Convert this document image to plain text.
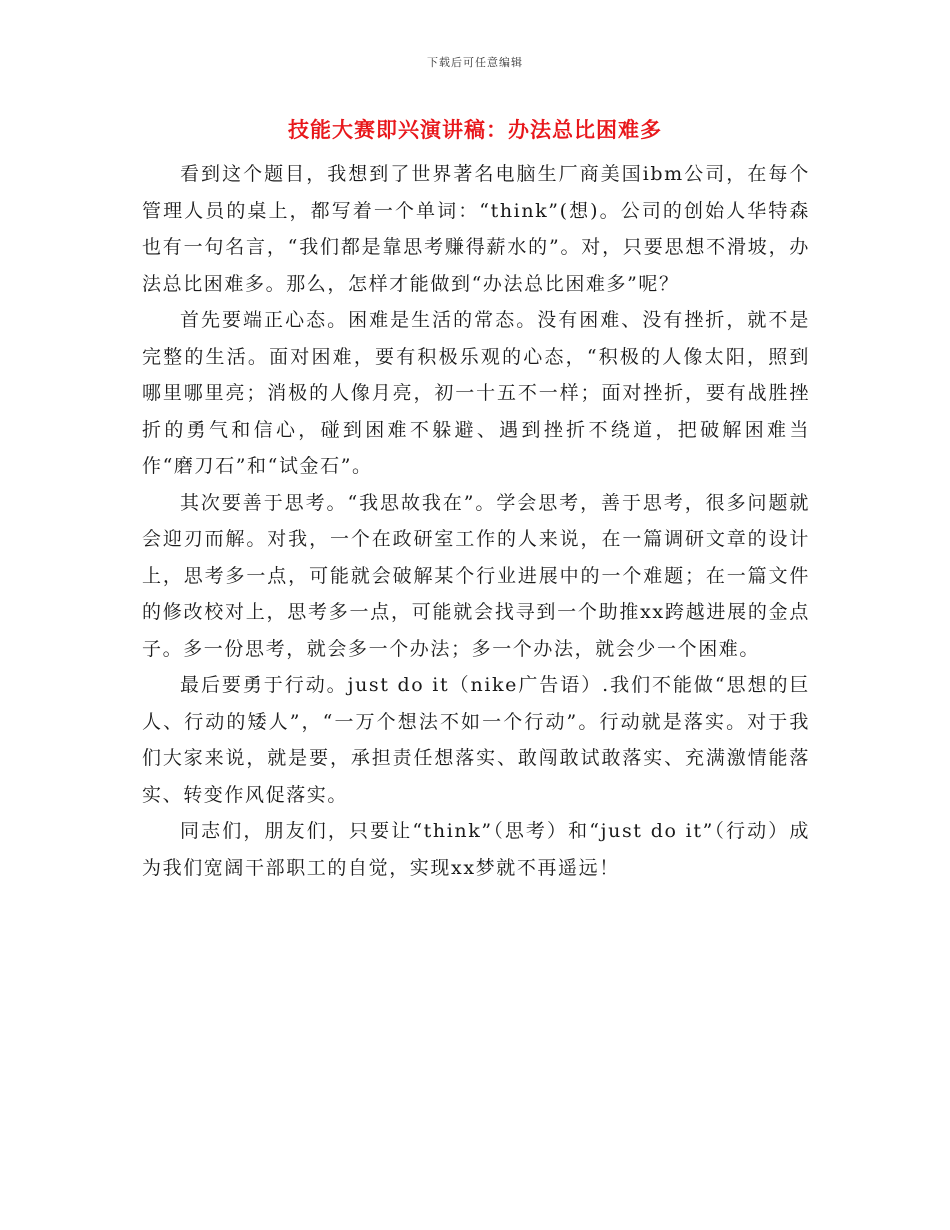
下载后可任意编辑
技能大赛即兴演讲稿：办法总比困难多

看到这个题目，我想到了世界著名电脑生厂商美国ibm公司，在每个管理人员的桌上，都写着一个单词：“think”(想)。公司的创始人华特森也有一句名言，“我们都是靠思考赚得薪水的”。对，只要思想不滑坡，办法总比困难多。那么，怎样才能做到“办法总比困难多”呢？

首先要端正心态。困难是生活的常态。没有困难、没有挫折，就不是完整的生活。面对困难，要有积极乐观的心态，“积极的人像太阳，照到哪里哪里亮；消极的人像月亮，初一十五不一样；面对挫折，要有战胜挫折的勇气和信心，碰到困难不躲避、遇到挫折不绕道，把破解困难当作“磨刀石”和“试金石”。

其次要善于思考。“我思故我在”。学会思考，善于思考，很多问题就会迎刃而解。对我，一个在政研室工作的人来说，在一篇调研文章的设计上，思考多一点，可能就会破解某个行业进展中的一个难题；在一篇文件的修改校对上，思考多一点，可能就会找寻到一个助推xx跨越进展的金点子。多一份思考，就会多一个办法；多一个办法，就会少一个困难。

最后要勇于行动。just do it（nike广告语）.我们不能做“思想的巨人、行动的矮人”，“一万个想法不如一个行动”。行动就是落实。对于我们大家来说，就是要，承担责任想落实、敢闯敢试敢落实、充满激情能落实、转变作风促落实。

同志们，朋友们，只要让“think”（思考）和“just do it”（行动）成为我们宽阔干部职工的自觉，实现xx梦就不再遥远！
